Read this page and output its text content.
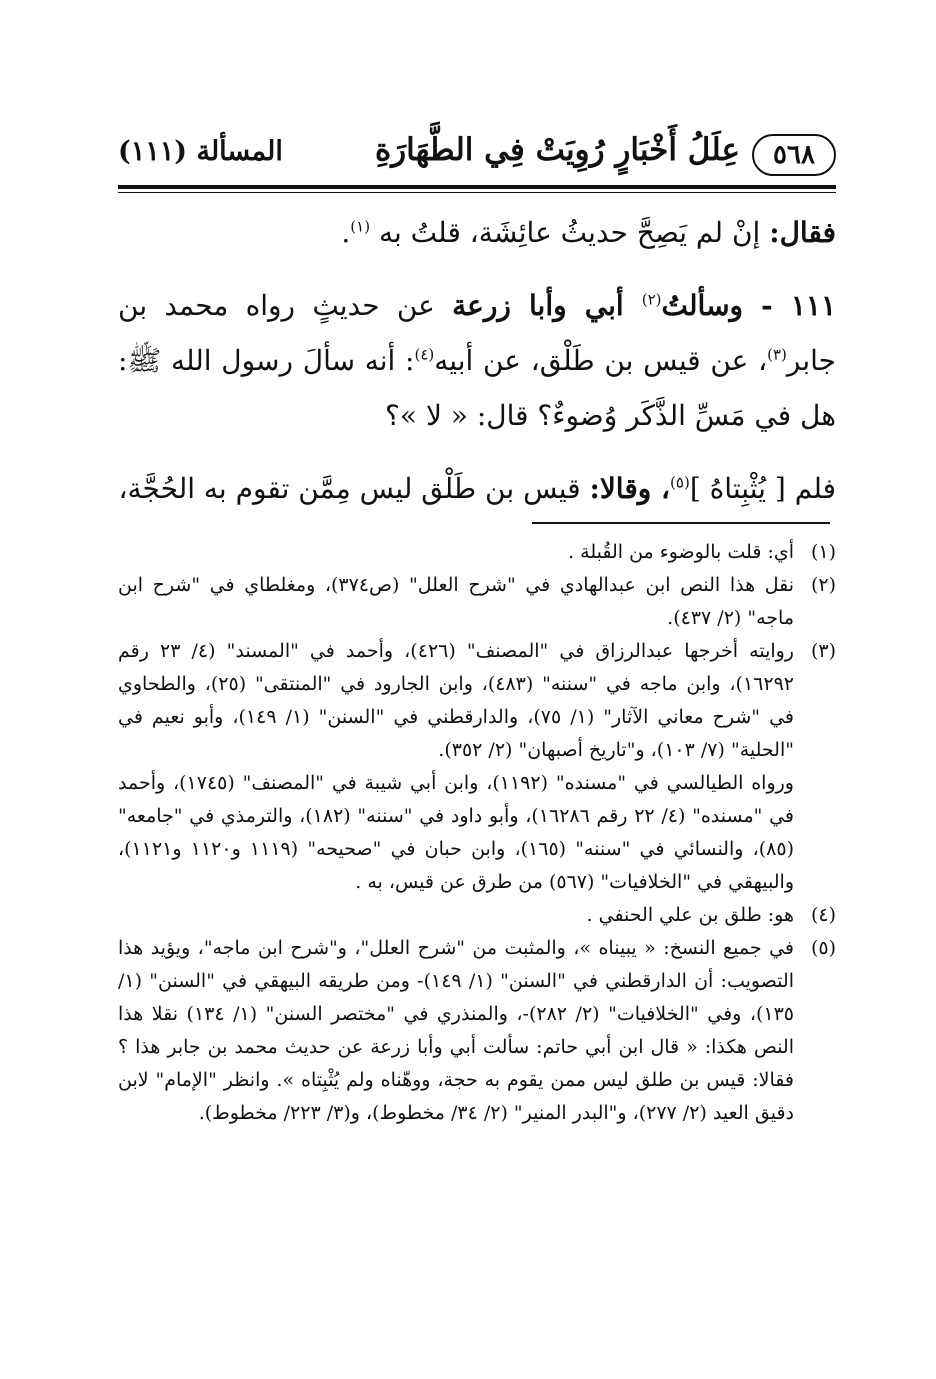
٥٦٨
عِلَلُ أَخْبَارٍ رُوِيَتْ فِي الطَّهَارَةِ
المسألة (١١١)

فقال: إنْ لم يَصِحَّ حديثُ عائِشَة، قلتُ به $^{(١)}$.

١١١ - وسألتُ$^{(٢)}$ أبي وأبا زرعة عن حديثٍ رواه محمد بن جابر$^{(٣)}$، عن قيس بن طَلْق، عن أبيه$^{(٤)}$: أنه سألَ رسول الله ﷺ: هل في مَسِّ الذَّكَر وُضوءٌ؟ قال: « لا »؟

فلم [ يُثْبِتاهُ ]$^{(٥)}$، وقالا: قيس بن طَلْق ليس مِمَّن تقوم به الحُجَّة،

(١)

أي: قلت بالوضوء من القُبلة .

(٢)

نقل هذا النص ابن عبدالهادي في "شرح العلل" (ص٣٧٤)، ومغلطاي في "شرح ابن ماجه" (٢/ ٤٣٧).

(٣)

روايته أخرجها عبدالرزاق في "المصنف" (٤٢٦)، وأحمد في "المسند" (٤/ ٢٣ رقم ١٦٢٩٢)، وابن ماجه في "سننه" (٤٨٣)، وابن الجارود في "المنتقى" (٢٥)، والطحاوي في "شرح معاني الآثار" (١/ ٧٥)، والدارقطني في "السنن" (١/ ١٤٩)، وأبو نعيم في "الحلية" (٧/ ١٠٣)، و"تاريخ أصبهان" (٢/ ٣٥٢).

ورواه الطيالسي في "مسنده" (١١٩٢)، وابن أبي شيبة في "المصنف" (١٧٤٥)، وأحمد في "مسنده" (٤/ ٢٢ رقم ١٦٢٨٦)، وأبو داود في "سننه" (١٨٢)، والترمذي في "جامعه" (٨٥)، والنسائي في "سننه" (١٦٥)، وابن حبان في "صحيحه" (١١١٩ و١١٢٠ و١١٢١)، والبيهقي في "الخلافيات" (٥٦٧) من طرق عن قيس، به .

(٤)

هو: طلق بن علي الحنفي .

(٥)

في جميع النسخ: « يبيناه »، والمثبت من "شرح العلل"، و"شرح ابن ماجه"، ويؤيد هذا التصويب: أن الدارقطني في "السنن" (١/ ١٤٩)- ومن طريقه البيهقي في "السنن" (١/ ١٣٥)، وفي "الخلافيات" (٢/ ٢٨٢)-، والمنذري في "مختصر السنن" (١/ ١٣٤) نقلا هذا النص هكذا: « قال ابن أبي حاتم: سألت أبي وأبا زرعة عن حديث محمد بن جابر هذا ؟ فقالا: قيس بن طلق ليس ممن يقوم به حجة، ووهّناه ولم يُثْبِتاه ». وانظر "الإمام" لابن دقيق العيد (٢/ ٢٧٧)، و"البدر المنير" (٢/ ٣٤/ مخطوط)، و(٣/ ٢٢٣/ مخطوط).
